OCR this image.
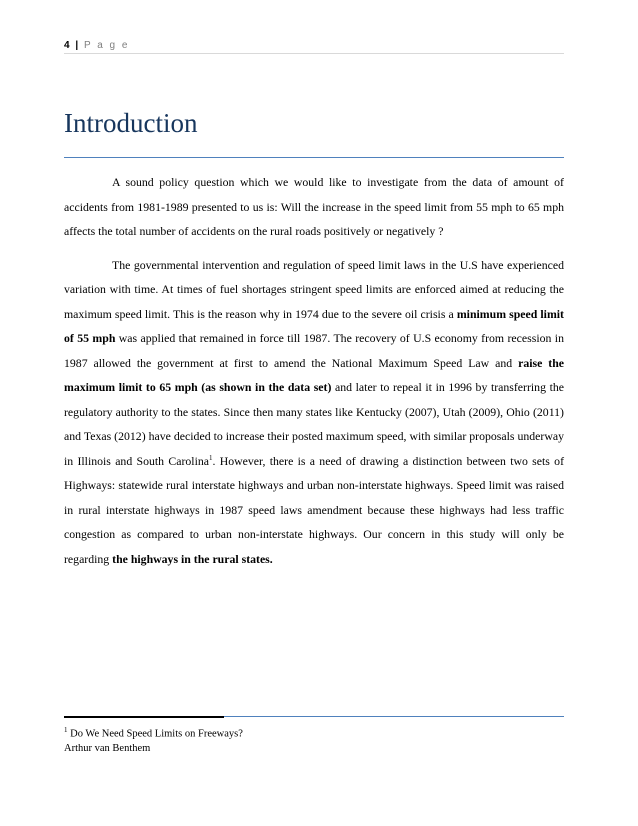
4 | P a g e
Introduction

A sound policy question which we would like to investigate from the data of amount of accidents from 1981-1989 presented to us is: Will the increase in the speed limit from 55 mph to 65 mph affects the total number of accidents on the rural roads positively or negatively ?

The governmental intervention and regulation of speed limit laws in the U.S have experienced variation with time. At times of fuel shortages stringent speed limits are enforced aimed at reducing the maximum speed limit. This is the reason why in 1974 due to the severe oil crisis a minimum speed limit of 55 mph was applied that remained in force till 1987. The recovery of U.S economy from recession in 1987 allowed the government at first to amend the National Maximum Speed Law and raise the maximum limit to 65 mph (as shown in the data set) and later to repeal it in 1996 by transferring the regulatory authority to the states. Since then many states like Kentucky (2007), Utah (2009), Ohio (2011) and Texas (2012) have decided to increase their posted maximum speed, with similar proposals underway in Illinois and South Carolina$^1$. However, there is a need of drawing a distinction between two sets of Highways: statewide rural interstate highways and urban non-interstate highways. Speed limit was raised in rural interstate highways in 1987 speed laws amendment because these highways had less traffic congestion as compared to urban non-interstate highways. Our concern in this study will only be regarding the highways in the rural states.

$^1$ Do We Need Speed Limits on Freeways?
Arthur van Benthem
